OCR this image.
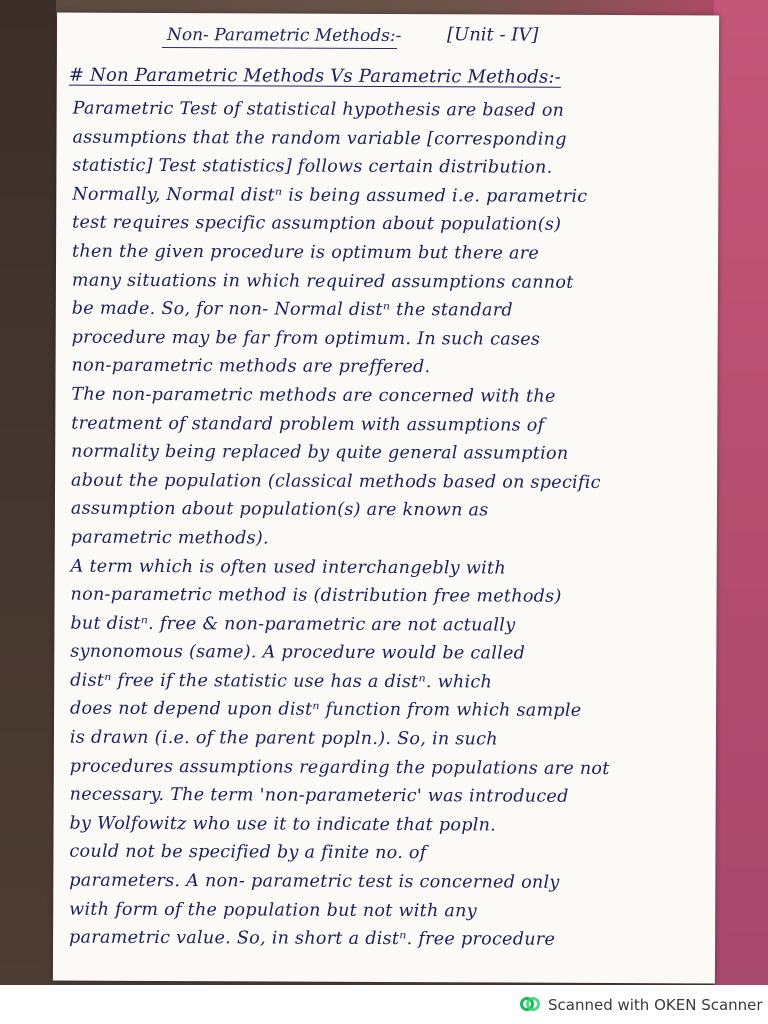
Non- Parametric Methods:-	[Unit - IV]
# Non Parametric Methods Vs Parametric Methods:-
Parametric Test of statistical hypothesis are based on
assumptions that the random variable [corresponding
statistic] Test statistics] follows certain distribution.
Normally, Normal distⁿ is being assumed i.e. parametric
test requires specific assumption about population(s)
then the given procedure is optimum but there are
many situations in which required assumptions cannot
be made. So, for non- Normal distⁿ the standard
procedure may be far from optimum. In such cases
non-parametric methods are preffered.
The non-parametric methods are concerned with the
treatment of standard problem with assumptions of
normality being replaced by quite general assumption
about the population (classical methods based on specific
assumption about population(s) are known as
parametric methods).
A term which is often used interchangebly with
non-parametric method is (distribution free methods)
but distⁿ. free & non-parametric are not actually
synonomous (same). A procedure would be called
distⁿ free if the statistic use has a distⁿ. which
does not depend upon distⁿ function from which sample
is drawn (i.e. of the parent popln.). So, in such
procedures assumptions regarding the populations are not
necessary. The term 'non-parameteric' was introduced
by Wolfowitz who use it to indicate that popln.
could not be specified by a finite no. of
parameters. A non- parametric test is concerned only
with form of the population but not with any
parametric value. So, in short a distⁿ. free procedure
Scanned with OKEN Scanner
